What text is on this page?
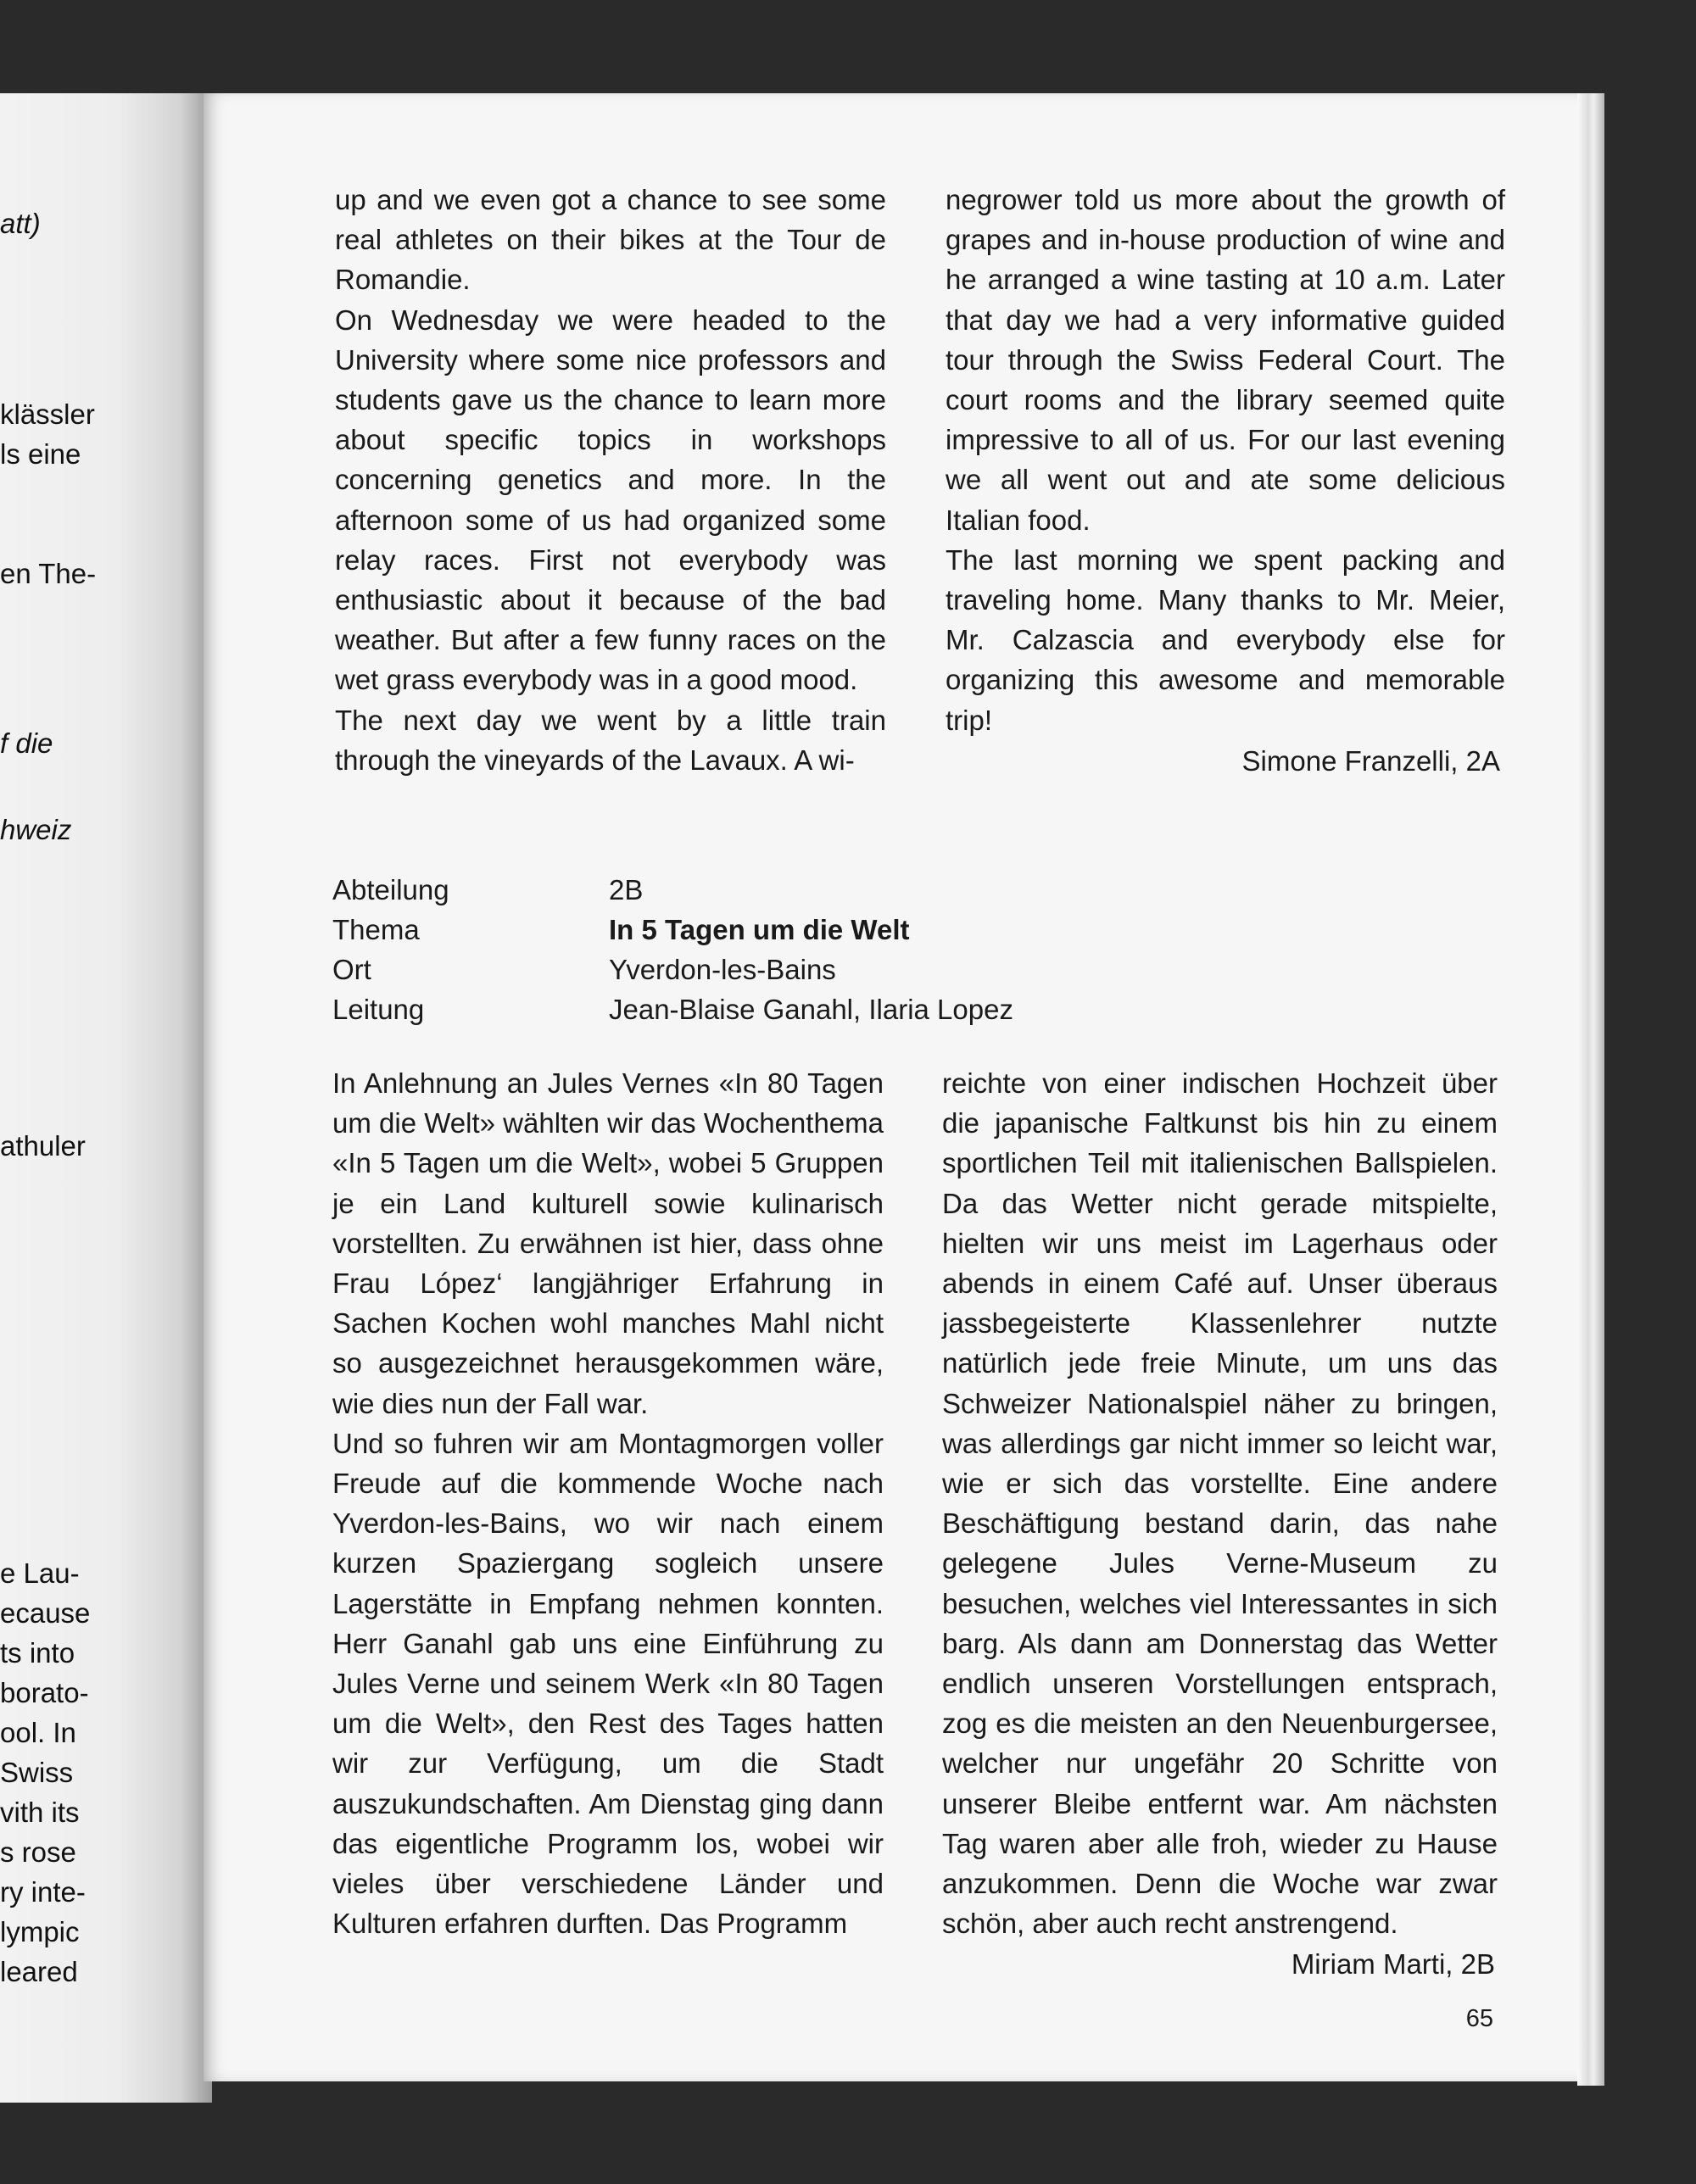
att)
klässler
ls eine
en The-
f die
hweiz
athuler
e Lau-
ecause
ts into
borato-
ool. In
Swiss
vith its
s rose
ry inte-
lympic
leared

up and we even got a chance to see some real athletes on their bikes at the Tour de Romandie.

On Wednesday we were headed to the University where some nice professors and students gave us the chance to learn more about specific topics in workshops concerning genetics and more. In the afternoon some of us had organized some relay races. First not everybody was enthusiastic about it because of the bad weather. But after a few funny races on the wet grass everybody was in a good mood.

The next day we went by a little train through the vineyards of the Lavaux. A wi-

negrower told us more about the growth of grapes and in-house production of wine and he arranged a wine tasting at 10 a.m. Later that day we had a very informative guided tour through the Swiss Federal Court. The court rooms and the library seemed quite impressive to all of us. For our last evening we all went out and ate some delicious Italian food.

The last morning we spent packing and traveling home. Many thanks to Mr. Meier, Mr. Calzascia and everybody else for organizing this awesome and memorable trip!

Simone Franzelli, 2A
Abteilung	2B
Thema	In 5 Tagen um die Welt
Ort	Yverdon-les-Bains
Leitung	Jean-Blaise Ganahl, Ilaria Lopez

In Anlehnung an Jules Vernes «In 80 Tagen um die Welt» wählten wir das Wochenthema «In 5 Tagen um die Welt», wobei 5 Gruppen je ein Land kulturell sowie kulinarisch vorstellten. Zu erwähnen ist hier, dass ohne Frau López‘ langjähriger Erfahrung in Sachen Kochen wohl manches Mahl nicht so ausgezeichnet herausgekommen wäre, wie dies nun der Fall war.

Und so fuhren wir am Montagmorgen voller Freude auf die kommende Woche nach Yverdon-les-Bains, wo wir nach einem kurzen Spaziergang sogleich unsere Lagerstätte in Empfang nehmen konnten. Herr Ganahl gab uns eine Einführung zu Jules Verne und seinem Werk «In 80 Tagen um die Welt», den Rest des Tages hatten wir zur Verfügung, um die Stadt auszukundschaften. Am Dienstag ging dann das eigentliche Programm los, wobei wir vieles über verschiedene Länder und Kulturen erfahren durften. Das Programm

reichte von einer indischen Hochzeit über die japanische Faltkunst bis hin zu einem sportlichen Teil mit italienischen Ballspielen. Da das Wetter nicht gerade mitspielte, hielten wir uns meist im Lagerhaus oder abends in einem Café auf. Unser überaus jassbegeisterte Klassenlehrer nutzte natürlich jede freie Minute, um uns das Schweizer Nationalspiel näher zu bringen, was allerdings gar nicht immer so leicht war, wie er sich das vorstellte. Eine andere Beschäftigung bestand darin, das nahe gelegene Jules Verne-Museum zu besuchen, welches viel Interessantes in sich barg. Als dann am Donnerstag das Wetter endlich unseren Vorstellungen entsprach, zog es die meisten an den Neuenburgersee, welcher nur ungefähr 20 Schritte von unserer Bleibe entfernt war. Am nächsten Tag waren aber alle froh, wieder zu Hause anzukommen. Denn die Woche war zwar schön, aber auch recht anstrengend.

Miriam Marti, 2B
65
